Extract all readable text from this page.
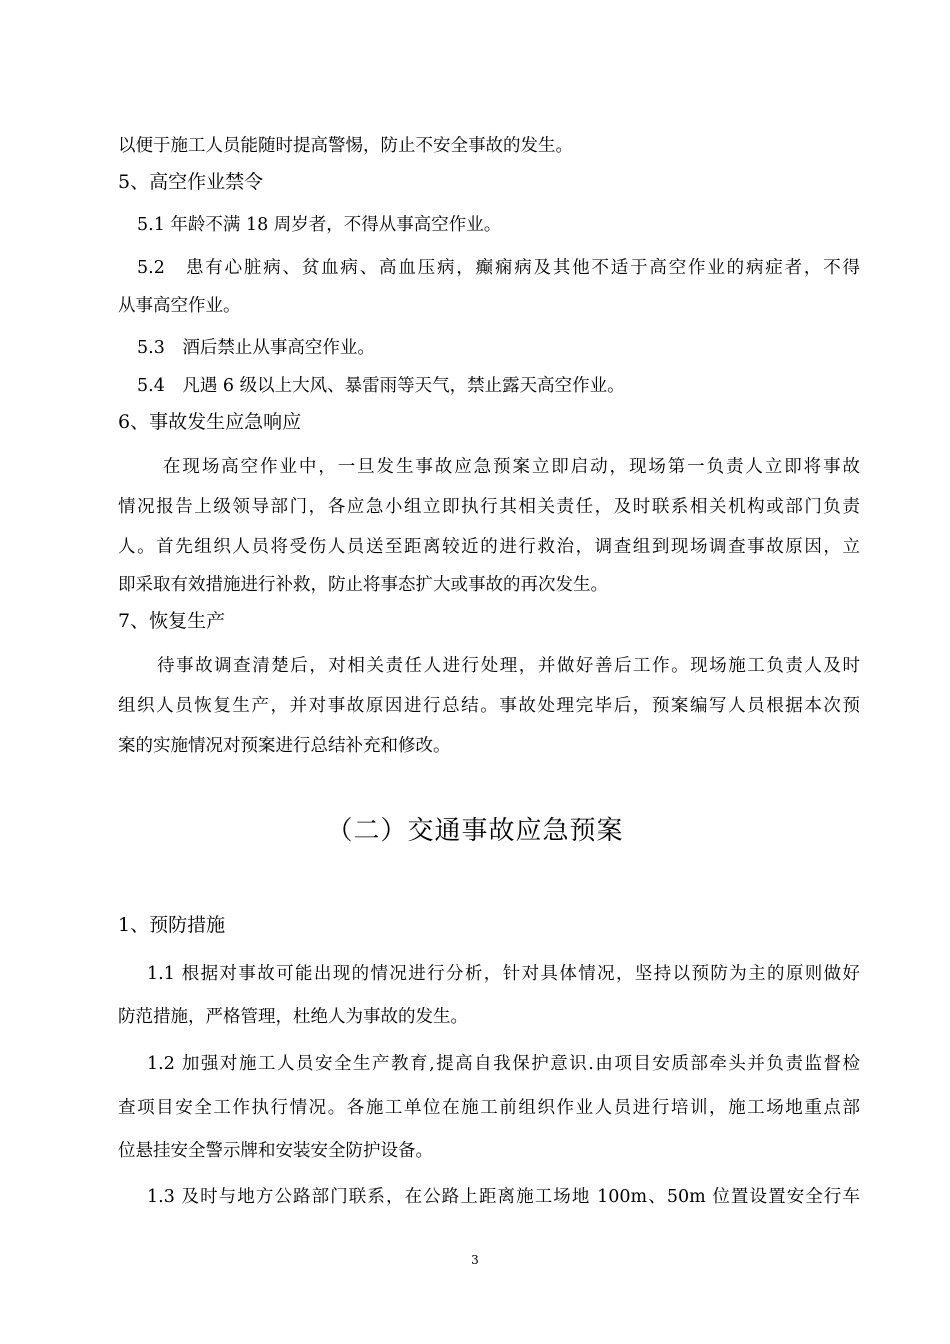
以便于施工人员能随时提高警惕，防止不安全事故的发生。
5、高空作业禁令
5.1 年龄不满 18 周岁者，不得从事高空作业。
5.2　患有心脏病、贫血病、高血压病，癫痫病及其他不适于高空作业的病症者，不得
从事高空作业。
5.3　酒后禁止从事高空作业。
5.4　凡遇 6 级以上大风、暴雷雨等天气，禁止露天高空作业。
6、事故发生应急响应
在现场高空作业中，一旦发生事故应急预案立即启动，现场第一负责人立即将事故
情况报告上级领导部门，各应急小组立即执行其相关责任，及时联系相关机构或部门负责
人。首先组织人员将受伤人员送至距离较近的进行救治，调查组到现场调查事故原因，立
即采取有效措施进行补救，防止将事态扩大或事故的再次发生。
7、恢复生产
待事故调查清楚后，对相关责任人进行处理，并做好善后工作。现场施工负责人及时
组织人员恢复生产，并对事故原因进行总结。事故处理完毕后，预案编写人员根据本次预
案的实施情况对预案进行总结补充和修改。
（二）交通事故应急预案
1、预防措施
1.1 根据对事故可能出现的情况进行分析，针对具体情况，坚持以预防为主的原则做好
防范措施，严格管理，杜绝人为事故的发生。
1.2 加强对施工人员安全生产教育,提高自我保护意识.由项目安质部牵头并负责监督检
查项目安全工作执行情况。各施工单位在施工前组织作业人员进行培训，施工场地重点部
位悬挂安全警示牌和安装安全防护设备。
1.3 及时与地方公路部门联系，在公路上距离施工场地 100m、50m 位置设置安全行车
3
